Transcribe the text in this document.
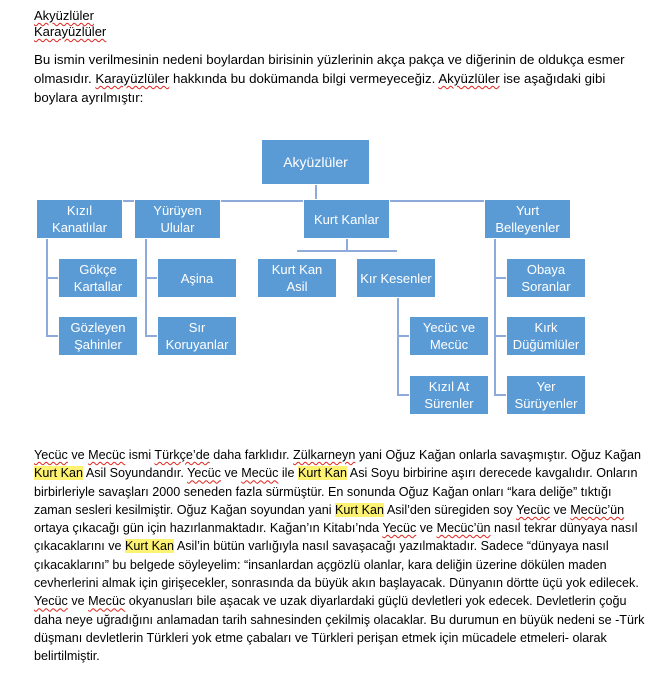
Akyüzlüler

Karayüzlüler

Bu ismin verilmesinin nedeni boylardan birisinin yüzlerinin akça pakça ve diğerinin de oldukça esmer olmasıdır. Karayüzlüler hakkında bu dokümanda bilgi vermeyeceğiz. Akyüzlüler ise aşağıdaki gibi boylara ayrılmıştır:

Akyüzlüler
Kızıl Kanatlılar
Yürüyen Ulular
Kurt Kanlar
Yurt Belleyenler
Gökçe Kartallar
Gözleyen Şahinler
Aşina
Sır Koruyanlar
Kurt Kan Asil
Kır Kesenler
Yecüc ve Mecüc
Kızıl At Sürenler
Obaya Soranlar
Kırk Düğümlüler
Yer Sürüyenler

Yecüc ve Mecüc ismi Türkçe’de daha farklıdır. Zülkarneyn yani Oğuz Kağan onlarla savaşmıştır. Oğuz Kağan Kurt Kan Asil Soyundandır. Yecüc ve Mecüc ile Kurt Kan Asi Soyu birbirine aşırı derecede kavgalıdır. Onların birbirleriyle savaşları 2000 seneden fazla sürmüştür. En sonunda Oğuz Kağan onları “kara deliğe” tıktığı zaman sesleri kesilmiştir. Oğuz Kağan soyundan yani Kurt Kan Asil’den süregiden soy Yecüc ve Mecüc’ün ortaya çıkacağı gün için hazırlanmaktadır. Kağan’ın Kitabı’nda Yecüc ve Mecüc’ün nasıl tekrar dünyaya nasıl çıkacaklarını ve Kurt Kan Asil’in bütün varlığıyla nasıl savaşacağı yazılmaktadır. Sadece “dünyaya nasıl çıkacaklarını” bu belgede söyleyelim: “insanlardan açgözlü olanlar, kara deliğin üzerine dökülen maden cevherlerini almak için girişecekler, sonrasında da büyük akın başlayacak. Dünyanın dörtte üçü yok edilecek. Yecüc ve Mecüc okyanusları bile aşacak ve uzak diyarlardaki güçlü devletleri yok edecek. Devletlerin çoğu daha neye uğradığını anlamadan tarih sahnesinden çekilmiş olacaklar. Bu durumun en büyük nedeni se -Türk düşmanı devletlerin Türkleri yok etme çabaları ve Türkleri perişan etmek için mücadele etmeleri- olarak belirtilmiştir.
